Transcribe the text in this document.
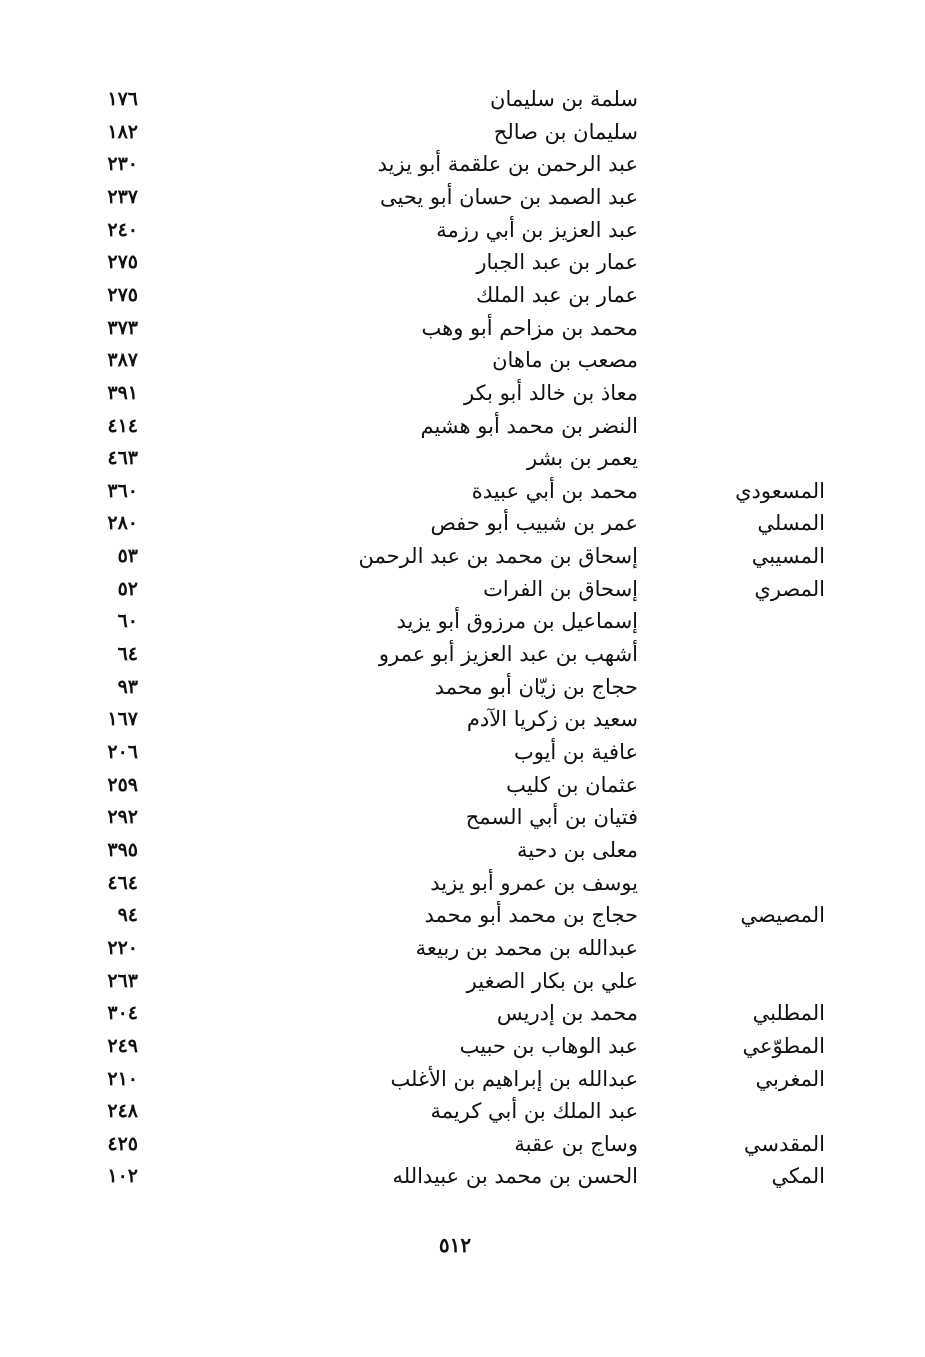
سلمة بن سليمان
١٧٦
سليمان بن صالح
١٨٢
عبد الرحمن بن علقمة أبو يزيد
٢٣٠
عبد الصمد بن حسان أبو يحيى
٢٣٧
عبد العزيز بن أبي رزمة
٢٤٠
عمار بن عبد الجبار
٢٧٥
عمار بن عبد الملك
٢٧٥
محمد بن مزاحم أبو وهب
٣٧٣
مصعب بن ماهان
٣٨٧
معاذ بن خالد أبو بكر
٣٩١
النضر بن محمد أبو هشيم
٤١٤
يعمر بن بشر
٤٦٣
المسعودي
محمد بن أبي عبيدة
٣٦٠
المسلي
عمر بن شبيب أبو حفص
٢٨٠
المسيبي
إسحاق بن محمد بن عبد الرحمن
٥٣
المصري
إسحاق بن الفرات
٥٢
إسماعيل بن مرزوق أبو يزيد
٦٠
أشهب بن عبد العزيز أبو عمرو
٦٤
حجاج بن زيّان أبو محمد
٩٣
سعيد بن زكريا الآدم
١٦٧
عافية بن أيوب
٢٠٦
عثمان بن كليب
٢٥٩
فتيان بن أبي السمح
٢٩٢
معلى بن دحية
٣٩٥
يوسف بن عمرو أبو يزيد
٤٦٤
المصيصي
حجاج بن محمد أبو محمد
٩٤
عبدالله بن محمد بن ربيعة
٢٢٠
علي بن بكار الصغير
٢٦٣
المطلبي
محمد بن إدريس
٣٠٤
المطوّعي
عبد الوهاب بن حبيب
٢٤٩
المغربي
عبدالله بن إبراهيم بن الأغلب
٢١٠
عبد الملك بن أبي كريمة
٢٤٨
المقدسي
وساج بن عقبة
٤٢٥
المكي
الحسن بن محمد بن عبيدالله
١٠٢
٥١٢
